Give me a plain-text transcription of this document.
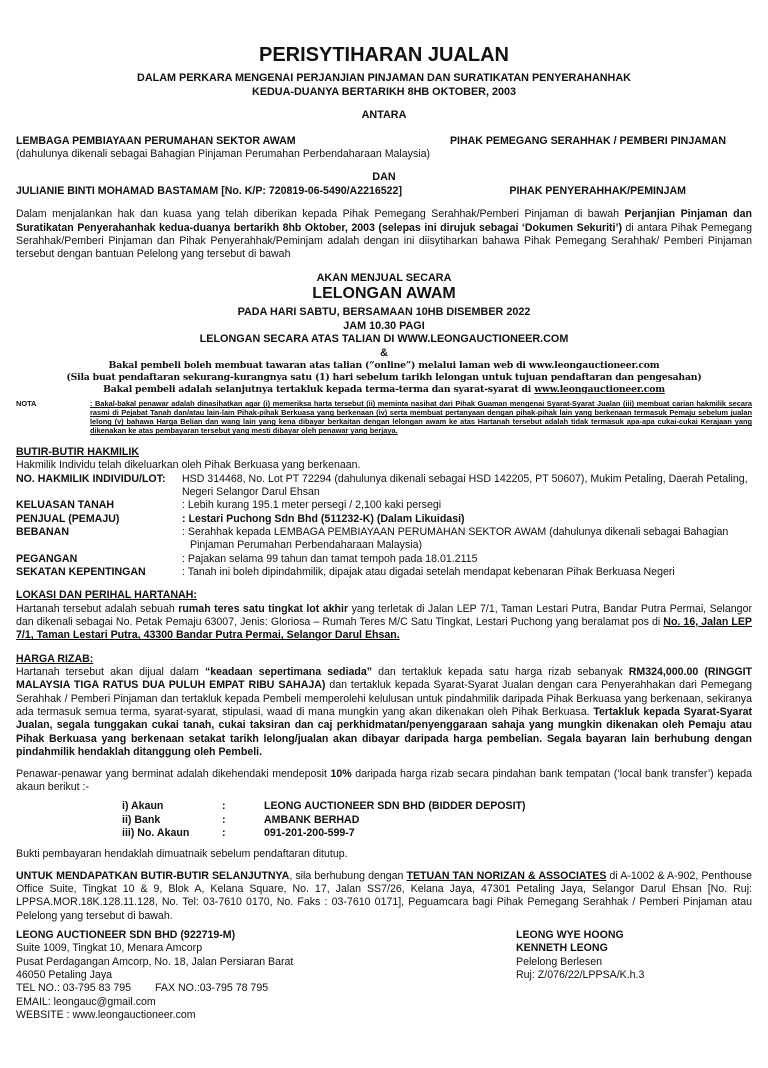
PERISYTIHARAN JUALAN

DALAM PERKARA MENGENAI PERJANJIAN PINJAMAN DAN SURATIKATAN PENYERAHANHAK

KEDUA-DUANYA BERTARIKH 8HB OKTOBER, 2003

ANTARA

LEMBAGA PEMBIAYAAN PERUMAHAN SEKTOR AWAM	PIHAK PEMEGANG SERAHHAK / PEMBERI PINJAMAN

(dahulunya dikenali sebagai Bahagian Pinjaman Perumahan Perbendaharaan Malaysia)

DAN

JULIANIE BINTI MOHAMAD BASTAMAM [No. K/P: 720819-06-5490/A2216522]	PIHAK PENYERAHHAK/PEMINJAM

Dalam menjalankan hak dan kuasa yang telah diberikan kepada Pihak Pemegang Serahhak/Pemberi Pinjaman di bawah Perjanjian Pinjaman dan Suratikatan Penyerahanhak kedua-duanya bertarikh 8hb Oktober, 2003 (selepas ini dirujuk sebagai ‘Dokumen Sekuriti’) di antara Pihak Pemegang Serahhak/Pemberi Pinjaman dan Pihak Penyerahhak/Peminjam adalah dengan ini diisytiharkan bahawa Pihak Pemegang Serahhak/ Pemberi Pinjaman tersebut dengan bantuan Pelelong yang tersebut di bawah

AKAN MENJUAL SECARA

LELONGAN AWAM

PADA HARI SABTU, BERSAMAAN 10HB DISEMBER 2022

JAM 10.30 PAGI

LELONGAN SECARA ATAS TALIAN DI WWW.LEONGAUCTIONEER.COM

&

Bakal pembeli boleh membuat tawaran atas talian (“online”) melalui laman web di www.leongauctioneer.com

(Sila buat pendaftaran sekurang-kurangnya satu (1) hari sebelum tarikh lelongan untuk tujuan pendaftaran dan pengesahan)

Bakal pembeli adalah selanjutnya tertakluk kepada terma-terma dan syarat-syarat di www.leongauctioneer.com

NOTA	: Bakal-bakal penawar adalah dinasihatkan agar (i) memeriksa harta tersebut (ii) meminta nasihat dari Pihak Guaman mengenai Syarat-Syarat Jualan (iii) membuat carian hakmilik secara rasmi di Pejabat Tanah dan/atau lain-lain Pihak-pihak Berkuasa yang berkenaan (iv) serta membuat pertanyaan dengan pihak-pihak lain yang berkenaan termasuk Pemaju sebelum jualan lelong (v) bahawa Harga Belian dan wang lain yang kena dibayar berkaitan dengan lelongan awam ke atas Hartanah tersebut adalah tidak termasuk apa-apa cukai-cukai Kerajaan yang dikenakan ke atas pembayaran tersebut yang mesti dibayar oleh penawar yang berjaya.

BUTIR-BUTIR HAKMILIK

Hakmilik Individu telah dikeluarkan oleh Pihak Berkuasa yang berkenaan.

NO. HAKMILIK INDIVIDU/LOT:	HSD 314468, No. Lot PT 72294 (dahulunya dikenali sebagai HSD 142205, PT 50607), Mukim Petaling, Daerah Petaling, Negeri Selangor Darul Ehsan
KELUASAN TANAH	: Lebih kurang 195.1 meter persegi / 2,100 kaki persegi
PENJUAL (PEMAJU)	: Lestari Puchong Sdn Bhd (511232-K) (Dalam Likuidasi)
BEBANAN	: Serahhak kepada LEMBAGA PEMBIAYAAN PERUMAHAN SEKTOR AWAM (dahulunya dikenali sebagai Bahagian Pinjaman Perumahan Perbendaharaan Malaysia)
PEGANGAN	: Pajakan selama 99 tahun dan tamat tempoh pada 18.01.2115
SEKATAN KEPENTINGAN	: Tanah ini boleh dipindahmilik, dipajak atau digadai setelah mendapat kebenaran Pihak Berkuasa Negeri

LOKASI DAN PERIHAL HARTANAH:

Hartanah tersebut adalah sebuah rumah teres satu tingkat lot akhir yang terletak di Jalan LEP 7/1, Taman Lestari Putra, Bandar Putra Permai, Selangor dan dikenali sebagai No. Petak Pemaju 63007, Jenis: Gloriosa – Rumah Teres M/C Satu Tingkat, Lestari Puchong yang beralamat pos di No. 16, Jalan LEP 7/1, Taman Lestari Putra, 43300 Bandar Putra Permai, Selangor Darul Ehsan.

HARGA RIZAB:

Hartanah tersebut akan dijual dalam “keadaan sepertimana sediada” dan tertakluk kepada satu harga rizab sebanyak RM324,000.00 (RINGGIT MALAYSIA TIGA RATUS DUA PULUH EMPAT RIBU SAHAJA) dan tertakluk kepada Syarat-Syarat Jualan dengan cara Penyerahhakan dari Pemegang Serahhak / Pemberi Pinjaman dan tertakluk kepada Pembeli memperolehi kelulusan untuk pindahmilik daripada Pihak Berkuasa yang berkenaan, sekiranya ada termasuk semua terma, syarat-syarat, stipulasi, waad di mana mungkin yang akan dikenakan oleh Pihak Berkuasa. Tertakluk kepada Syarat-Syarat Jualan, segala tunggakan cukai tanah, cukai taksiran dan caj perkhidmatan/penyenggaraan sahaja yang mungkin dikenakan oleh Pemaju atau Pihak Berkuasa yang berkenaan setakat tarikh lelong/jualan akan dibayar daripada harga pembelian. Segala bayaran lain berhubung dengan pindahmilik hendaklah ditanggung oleh Pembeli.

Penawar-penawar yang berminat adalah dikehendaki mendeposit 10% daripada harga rizab secara pindahan bank tempatan (‘local bank transfer’) kepada akaun berikut :-

i) Akaun	:	LEONG AUCTIONEER SDN BHD (BIDDER DEPOSIT)
ii) Bank	:	AMBANK BERHAD
iii) No. Akaun	:	091-201-200-599-7

Bukti pembayaran hendaklah dimuatnaik sebelum pendaftaran ditutup.

UNTUK MENDAPATKAN BUTIR-BUTIR SELANJUTNYA, sila berhubung dengan TETUAN TAN NORIZAN & ASSOCIATES di A-1002 & A-902, Penthouse Office Suite, Tingkat 10 & 9, Blok A, Kelana Square, No. 17, Jalan SS7/26, Kelana Jaya, 47301 Petaling Jaya, Selangor Darul Ehsan [No. Ruj: LPPSA.MOR.18K.128.11.128, No. Tel: 03-7610 0170, No. Faks : 03-7610 0171], Peguamcara bagi Pihak Pemegang Serahhak / Pemberi Pinjaman atau Pelelong yang tersebut di bawah.

LEONG AUCTIONEER SDN BHD (922719-M)

Suite 1009, Tingkat 10, Menara Amcorp

Pusat Perdagangan Amcorp, No. 18, Jalan Persiaran Barat

46050 Petaling Jaya

TEL NO.: 03-795 83 795 FAX NO.:03-795 78 795

EMAIL: leongauc@gmail.com

WEBSITE : www.leongauctioneer.com

LEONG WYE HOONG

KENNETH LEONG

Pelelong Berlesen

Ruj: Z/076/22/LPPSA/K.h.3
